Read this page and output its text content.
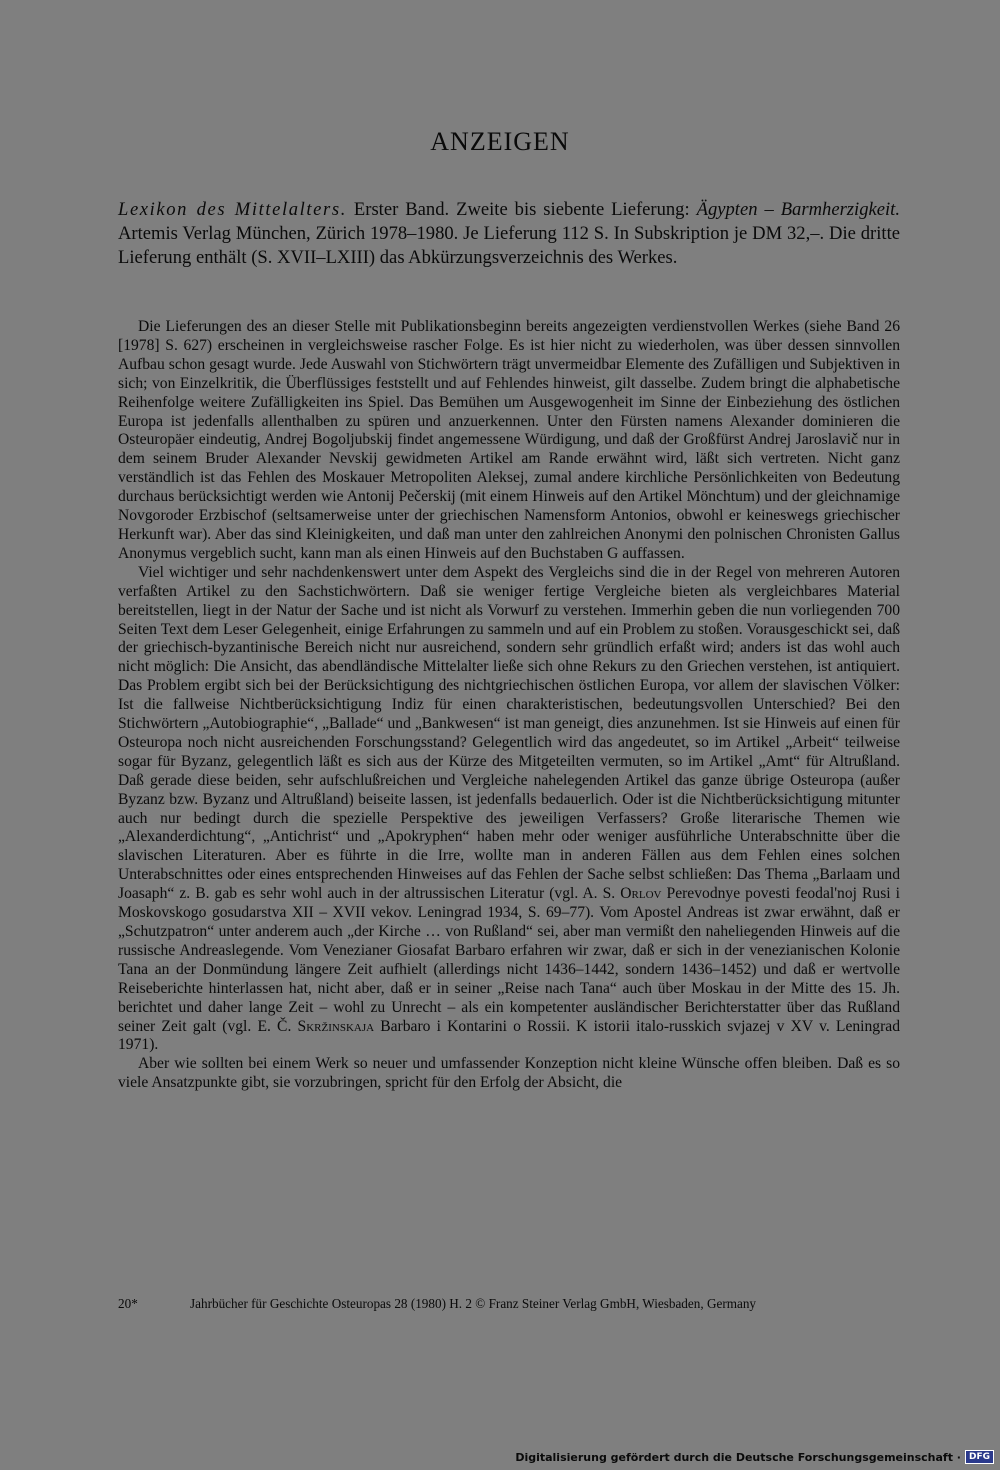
ANZEIGEN

Lexikon des Mittelalters. Erster Band. Zweite bis siebente Lieferung: Ägypten – Barmherzigkeit. Artemis Verlag München, Zürich 1978–1980. Je Lieferung 112 S. In Subskription je DM 32,–. Die dritte Lieferung enthält (S. XVII–LXIII) das Abkürzungsverzeichnis des Werkes.

Die Lieferungen des an dieser Stelle mit Publikationsbeginn bereits angezeigten verdienstvollen Werkes (siehe Band 26 [1978] S. 627) erscheinen in vergleichsweise rascher Folge. Es ist hier nicht zu wiederholen, was über dessen sinnvollen Aufbau schon gesagt wurde. Jede Auswahl von Stichwörtern trägt unvermeidbar Elemente des Zufälligen und Subjektiven in sich; von Einzelkritik, die Überflüssiges feststellt und auf Fehlendes hinweist, gilt dasselbe. Zudem bringt die alphabetische Reihenfolge weitere Zufälligkeiten ins Spiel. Das Bemühen um Ausgewogenheit im Sinne der Einbeziehung des östlichen Europa ist jedenfalls allenthalben zu spüren und anzuerkennen. Unter den Fürsten namens Alexander dominieren die Osteuropäer eindeutig, Andrej Bogoljubskij findet angemessene Würdigung, und daß der Großfürst Andrej Jaroslavič nur in dem seinem Bruder Alexander Nevskij gewidmeten Artikel am Rande erwähnt wird, läßt sich vertreten. Nicht ganz verständlich ist das Fehlen des Moskauer Metropoliten Aleksej, zumal andere kirchliche Persönlichkeiten von Bedeutung durchaus berücksichtigt werden wie Antonij Pečerskij (mit einem Hinweis auf den Artikel Mönchtum) und der gleichnamige Novgoroder Erzbischof (seltsamerweise unter der griechischen Namensform Antonios, obwohl er keineswegs griechischer Herkunft war). Aber das sind Kleinigkeiten, und daß man unter den zahlreichen Anonymi den polnischen Chronisten Gallus Anonymus vergeblich sucht, kann man als einen Hinweis auf den Buchstaben G auffassen.

Viel wichtiger und sehr nachdenkenswert unter dem Aspekt des Vergleichs sind die in der Regel von mehreren Autoren verfaßten Artikel zu den Sachstichwörtern. Daß sie weniger fertige Vergleiche bieten als vergleichbares Material bereitstellen, liegt in der Natur der Sache und ist nicht als Vorwurf zu verstehen. Immerhin geben die nun vorliegenden 700 Seiten Text dem Leser Gelegenheit, einige Erfahrungen zu sammeln und auf ein Problem zu stoßen. Vorausgeschickt sei, daß der griechisch-byzantinische Bereich nicht nur ausreichend, sondern sehr gründlich erfaßt wird; anders ist das wohl auch nicht möglich: Die Ansicht, das abendländische Mittelalter ließe sich ohne Rekurs zu den Griechen verstehen, ist antiquiert. Das Problem ergibt sich bei der Berücksichtigung des nichtgriechischen östlichen Europa, vor allem der slavischen Völker: Ist die fallweise Nichtberücksichtigung Indiz für einen charakteristischen, bedeutungsvollen Unterschied? Bei den Stichwörtern „Autobiographie“, „Ballade“ und „Bankwesen“ ist man geneigt, dies anzunehmen. Ist sie Hinweis auf einen für Osteuropa noch nicht ausreichenden Forschungsstand? Gelegentlich wird das angedeutet, so im Artikel „Arbeit“ teilweise sogar für Byzanz, gelegentlich läßt es sich aus der Kürze des Mitgeteilten vermuten, so im Artikel „Amt“ für Altrußland. Daß gerade diese beiden, sehr aufschlußreichen und Vergleiche nahelegenden Artikel das ganze übrige Osteuropa (außer Byzanz bzw. Byzanz und Altrußland) beiseite lassen, ist jedenfalls bedauerlich. Oder ist die Nichtberücksichtigung mitunter auch nur bedingt durch die spezielle Perspektive des jeweiligen Verfassers? Große literarische Themen wie „Alexanderdichtung“, „Antichrist“ und „Apokryphen“ haben mehr oder weniger ausführliche Unterabschnitte über die slavischen Literaturen. Aber es führte in die Irre, wollte man in anderen Fällen aus dem Fehlen eines solchen Unterabschnittes oder eines entsprechenden Hinweises auf das Fehlen der Sache selbst schließen: Das Thema „Barlaam und Joasaph“ z. B. gab es sehr wohl auch in der altrussischen Literatur (vgl. A. S. Orlov Perevodnye povesti feodal'noj Rusi i Moskovskogo gosudarstva XII – XVII vekov. Leningrad 1934, S. 69–77). Vom Apostel Andreas ist zwar erwähnt, daß er „Schutzpatron“ unter anderem auch „der Kirche … von Rußland“ sei, aber man vermißt den naheliegenden Hinweis auf die russische Andreaslegende. Vom Venezianer Giosafat Barbaro erfahren wir zwar, daß er sich in der venezianischen Kolonie Tana an der Donmündung längere Zeit aufhielt (allerdings nicht 1436–1442, sondern 1436–1452) und daß er wertvolle Reiseberichte hinterlassen hat, nicht aber, daß er in seiner „Reise nach Tana“ auch über Moskau in der Mitte des 15. Jh. berichtet und daher lange Zeit – wohl zu Unrecht – als ein kompetenter ausländischer Berichterstatter über das Rußland seiner Zeit galt (vgl. E. Č. Skržinskaja Barbaro i Kontarini o Rossii. K istorii italo-russkich svjazej v XV v. Leningrad 1971).

Aber wie sollten bei einem Werk so neuer und umfassender Konzeption nicht kleine Wünsche offen bleiben. Daß es so viele Ansatzpunkte gibt, sie vorzubringen, spricht für den Erfolg der Absicht, die

20*	Jahrbücher für Geschichte Osteuropas 28 (1980) H. 2 © Franz Steiner Verlag GmbH, Wiesbaden, Germany
Digitalisierung gefördert durch die Deutsche Forschungsgemeinschaft · DFG
